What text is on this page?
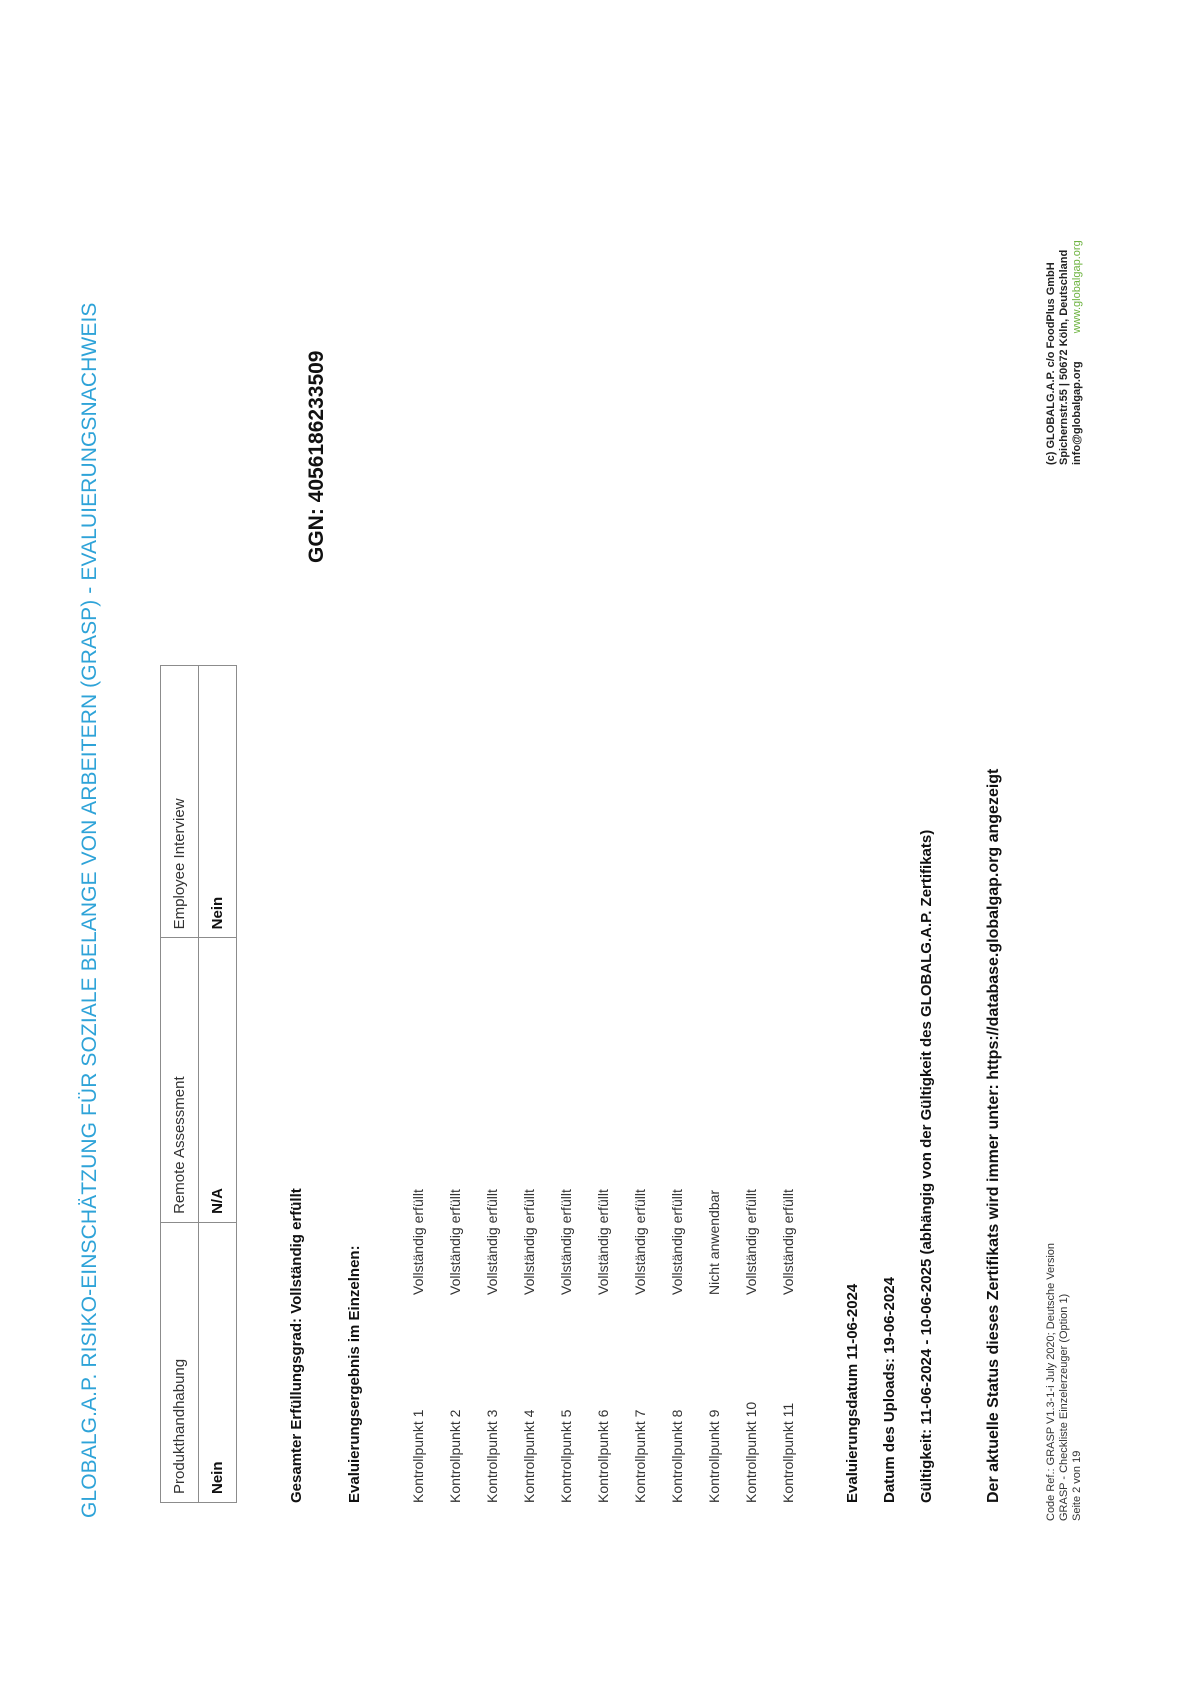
GLOBALG.A.P. RISIKO-EINSCHÄTZUNG FÜR SOZIALE BELANGE VON ARBEITERN (GRASP) - EVALUIERUNGSNACHWEIS	Produkthandhabung	Remote Assessment	Employee Interview
Nein	N/A	Nein
GGN: 4056186233509
Gesamter Erfüllungsgrad: Vollständig erfüllt	Evaluierungsergebnis im Einzelnen:	Kontrollpunkt 1
Vollständig erfüllt
Kontrollpunkt 2
Vollständig erfüllt
Kontrollpunkt 3
Vollständig erfüllt
Kontrollpunkt 4
Vollständig erfüllt
Kontrollpunkt 5
Vollständig erfüllt
Kontrollpunkt 6
Vollständig erfüllt
Kontrollpunkt 7
Vollständig erfüllt
Kontrollpunkt 8
Vollständig erfüllt
Kontrollpunkt 9
Nicht anwendbar
Kontrollpunkt 10
Vollständig erfüllt
Kontrollpunkt 11
Vollständig erfüllt
Evaluierungsdatum 11-06-2024 Datum des Uploads: 19-06-2024 Gültigkeit: 11-06-2024 - 10-06-2025 (abhängig von der Gültigkeit des GLOBALG.A.P. Zertifikats)	Der aktuelle Status dieses Zertifikats wird immer unter: https://database.globalgap.org angezeigt	Code Ref.: GRASP V1.3-1-i July 2020; Deutsche Version GRASP - Checkliste Einzelerzeuger (Option 1) Seite 2 von 19
(c) GLOBALG.A.P. c/o FoodPlus GmbH Spichernstr.55 | 50672 Köln, Deutschland info@globalgap.org  www.globalgap.org
